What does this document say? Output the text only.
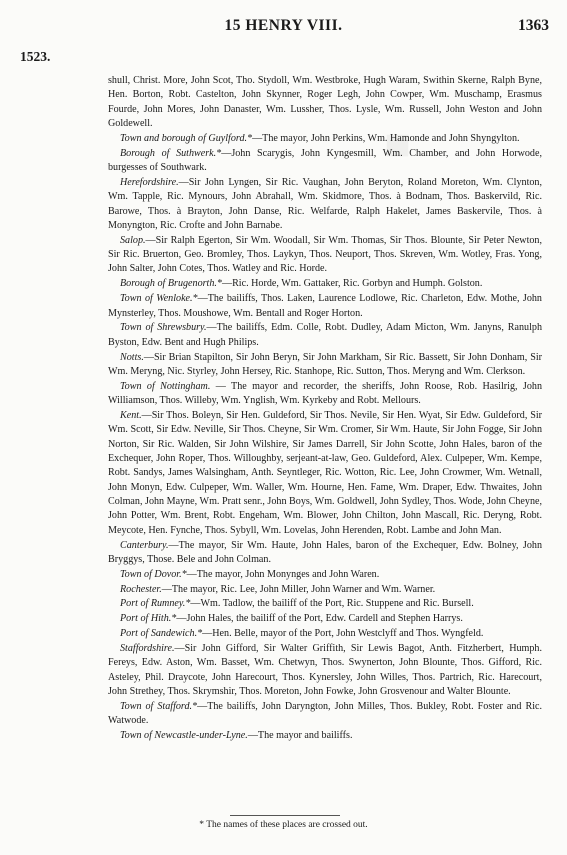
◆
15 HENRY VIII.	1363
1523.

shull, Christ. More, John Scot, Tho. Stydoll, Wm. Westbroke, Hugh Waram, Swithin Skerne, Ralph Byne, Hen. Borton, Robt. Castelton, John Skynner, Roger Legh, John Cowper, Wm. Muschamp, Erasmus Fourde, John Mores, John Danaster, Wm. Lussher, Thos. Lysle, Wm. Russell, John Weston and John Goldewell.

Town and borough of Guylford.*—The mayor, John Perkins, Wm. Hamonde and John Shyngylton.

Borough of Suthwerk.*—John Scarygis, John Kyngesmill, Wm. Chamber, and John Horwode, burgesses of Southwark.

Herefordshire.—Sir John Lyngen, Sir Ric. Vaughan, John Beryton, Roland Moreton, Wm. Clynton, Wm. Tapple, Ric. Mynours, John Abrahall, Wm. Skidmore, Thos. à Bodnam, Thos. Baskervild, Ric. Barowe, Thos. à Brayton, John Danse, Ric. Welfarde, Ralph Hakelet, James Baskervile, Thos. à Monyngton, Ric. Crofte and John Barnabe.

Salop.—Sir Ralph Egerton, Sir Wm. Woodall, Sir Wm. Thomas, Sir Thos. Blounte, Sir Peter Newton, Sir Ric. Bruerton, Geo. Bromley, Thos. Laykyn, Thos. Neuport, Thos. Skreven, Wm. Wotley, Fras. Yong, John Salter, John Cotes, Thos. Watley and Ric. Horde.

Borough of Brugenorth.*—Ric. Horde, Wm. Gattaker, Ric. Gorbyn and Humph. Golston.

Town of Wenloke.*—The bailiffs, Thos. Laken, Laurence Lodlowe, Ric. Charleton, Edw. Mothe, John Mynsterley, Thos. Moushowe, Wm. Bentall and Roger Horton.

Town of Shrewsbury.—The bailiffs, Edm. Colle, Robt. Dudley, Adam Micton, Wm. Janyns, Ranulph Byston, Edw. Bent and Hugh Philips.

Notts.—Sir Brian Stapilton, Sir John Beryn, Sir John Markham, Sir Ric. Bassett, Sir John Donham, Sir Wm. Meryng, Nic. Styrley, John Hersey, Ric. Stanhope, Ric. Sutton, Thos. Meryng and Wm. Clerkson.

Town of Nottingham. — The mayor and recorder, the sheriffs, John Roose, Rob. Hasilrig, John Williamson, Thos. Willeby, Wm. Ynglish, Wm. Kyrkeby and Robt. Mellours.

Kent.—Sir Thos. Boleyn, Sir Hen. Guldeford, Sir Thos. Nevile, Sir Hen. Wyat, Sir Edw. Guldeford, Sir Wm. Scott, Sir Edw. Neville, Sir Thos. Cheyne, Sir Wm. Cromer, Sir Wm. Haute, Sir John Fogge, Sir John Norton, Sir Ric. Walden, Sir John Wilshire, Sir James Darrell, Sir John Scotte, John Hales, baron of the Exchequer, John Roper, Thos. Willoughby, serjeant-at-law, Geo. Guldeford, Alex. Culpeper, Wm. Kempe, Robt. Sandys, James Walsingham, Anth. Seyntleger, Ric. Wotton, Ric. Lee, John Crowmer, Wm. Wetnall, John Monyn, Edw. Culpeper, Wm. Waller, Wm. Hourne, Hen. Fame, Wm. Draper, Edw. Thwaites, John Colman, John Mayne, Wm. Pratt senr., John Boys, Wm. Goldwell, John Sydley, Thos. Wode, John Cheyne, John Potter, Wm. Brent, Robt. Engeham, Wm. Blower, John Chilton, John Mascall, Ric. Deryng, Robt. Meycote, Hen. Fynche, Thos. Sybyll, Wm. Lovelas, John Herenden, Robt. Lambe and John Man.

Canterbury.—The mayor, Sir Wm. Haute, John Hales, baron of the Exchequer, Edw. Bolney, John Bryggys, Those. Bele and John Colman.

Town of Dovor.*—The mayor, John Monynges and John Waren.

Rochester.—The mayor, Ric. Lee, John Miller, John Warner and Wm. Warner.

Port of Rumney.*—Wm. Tadlow, the bailiff of the Port, Ric. Stuppene and Ric. Bursell.

Port of Hith.*—John Hales, the bailiff of the Port, Edw. Cardell and Stephen Harrys.

Port of Sandewich.*—Hen. Belle, mayor of the Port, John Westclyff and Thos. Wyngfeld.

Staffordshire.—Sir John Gifford, Sir Walter Griffith, Sir Lewis Bagot, Anth. Fitzherbert, Humph. Fereys, Edw. Aston, Wm. Basset, Wm. Chetwyn, Thos. Swynerton, John Blounte, Thos. Gifford, Ric. Asteley, Phil. Draycote, John Harecourt, Thos. Kynersley, John Willes, Thos. Partrich, Ric. Harecourt, John Strethey, Thos. Skrymshir, Thos. Moreton, John Fowke, John Grosvenour and Walter Blounte.

Town of Stafford.*—The bailiffs, John Daryngton, John Milles, Thos. Bukley, Robt. Foster and Ric. Watwode.

Town of Newcastle-under-Lyne.—The mayor and bailiffs.

* The names of these places are crossed out.
